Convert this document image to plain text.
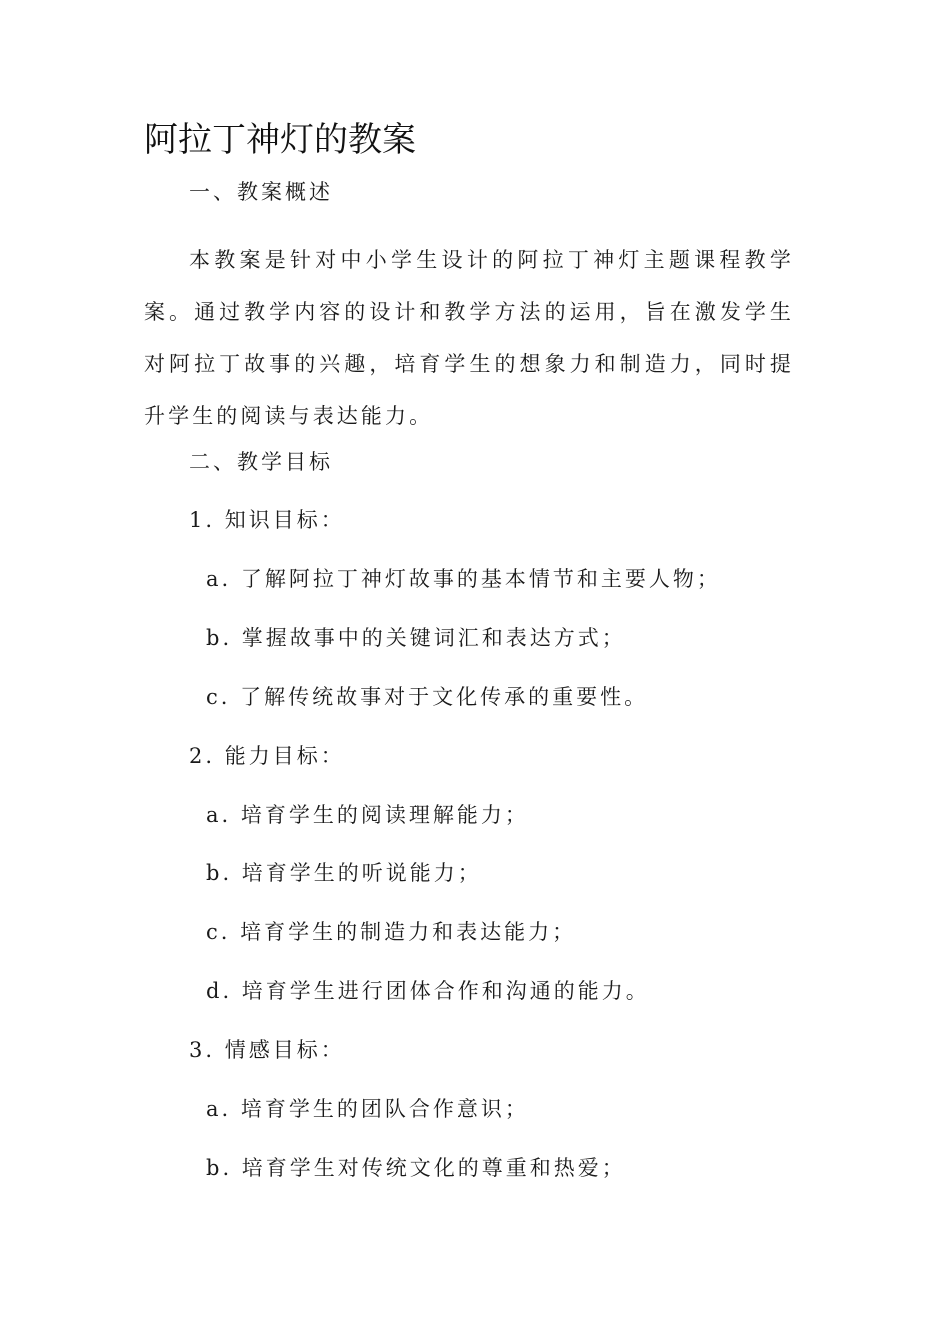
阿拉丁神灯的教案

一、教案概述

本教案是针对中小学生设计的阿拉丁神灯主题课程教学案。通过教学内容的设计和教学方法的运用，旨在激发学生对阿拉丁故事的兴趣，培育学生的想象力和制造力，同时提升学生的阅读与表达能力。

二、教学目标

1. 知识目标：

a. 了解阿拉丁神灯故事的基本情节和主要人物；

b. 掌握故事中的关键词汇和表达方式；

c. 了解传统故事对于文化传承的重要性。

2. 能力目标：

a. 培育学生的阅读理解能力；

b. 培育学生的听说能力；

c. 培育学生的制造力和表达能力；

d. 培育学生进行团体合作和沟通的能力。

3. 情感目标：

a. 培育学生的团队合作意识；

b. 培育学生对传统文化的尊重和热爱；
